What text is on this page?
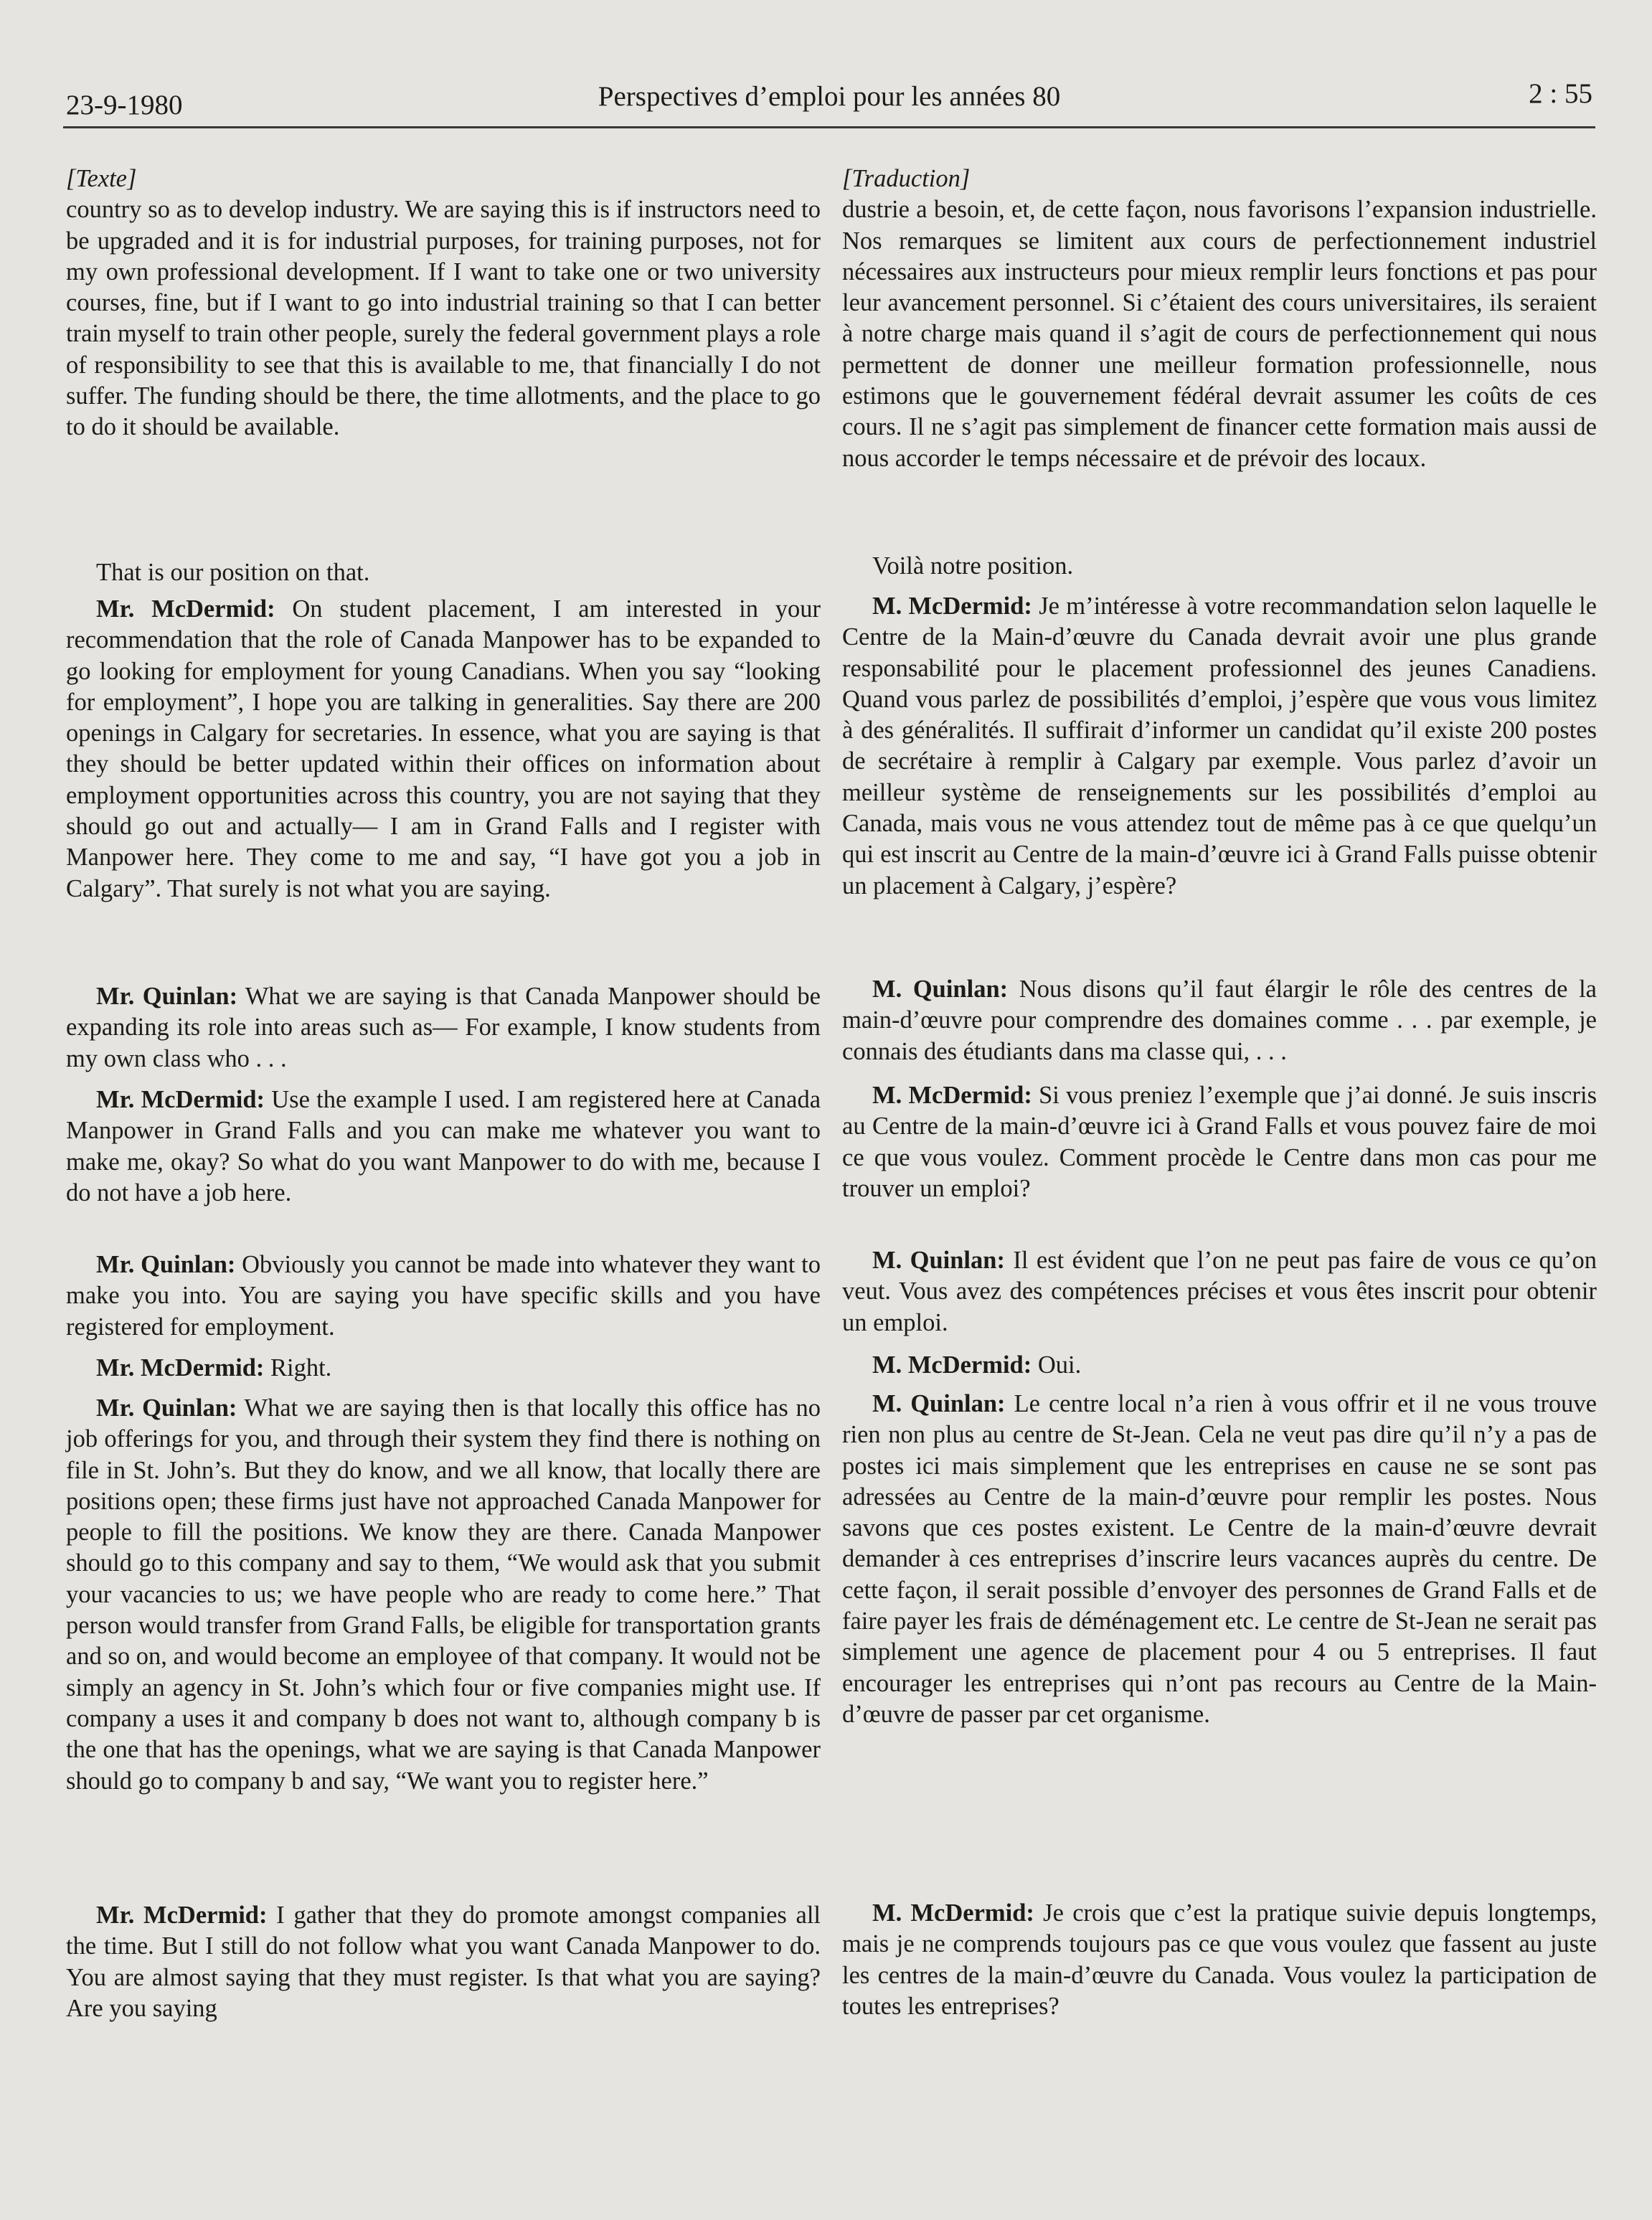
23-9-1980	Perspectives d’emploi pour les années 80	2 : 55

[Texte]

country so as to develop industry. We are saying this is if instructors need to be upgraded and it is for industrial purposes, for training purposes, not for my own professional development. If I want to take one or two university courses, fine, but if I want to go into industrial training so that I can better train myself to train other people, surely the federal government plays a role of responsibility to see that this is available to me, that financially I do not suffer. The funding should be there, the time allotments, and the place to go to do it should be available.

That is our position on that.

Mr. McDermid: On student placement, I am interested in your recommendation that the role of Canada Manpower has to be expanded to go looking for employment for young Canadians. When you say “looking for employment”, I hope you are talking in generalities. Say there are 200 openings in Calgary for secretaries. In essence, what you are saying is that they should be better updated within their offices on information about employment opportunities across this country, you are not saying that they should go out and actually— I am in Grand Falls and I register with Manpower here. They come to me and say, “I have got you a job in Calgary”. That surely is not what you are saying.

Mr. Quinlan: What we are saying is that Canada Manpower should be expanding its role into areas such as— For example, I know students from my own class who . . .

Mr. McDermid: Use the example I used. I am registered here at Canada Manpower in Grand Falls and you can make me whatever you want to make me, okay? So what do you want Manpower to do with me, because I do not have a job here.

Mr. Quinlan: Obviously you cannot be made into whatever they want to make you into. You are saying you have specific skills and you have registered for employment.

Mr. McDermid: Right.

Mr. Quinlan: What we are saying then is that locally this office has no job offerings for you, and through their system they find there is nothing on file in St. John’s. But they do know, and we all know, that locally there are positions open; these firms just have not approached Canada Manpower for people to fill the positions. We know they are there. Canada Manpower should go to this company and say to them, “We would ask that you submit your vacancies to us; we have people who are ready to come here.” That person would transfer from Grand Falls, be eligible for transportation grants and so on, and would become an employee of that company. It would not be simply an agency in St. John’s which four or five companies might use. If company a uses it and company b does not want to, although company b is the one that has the openings, what we are saying is that Canada Manpower should go to company b and say, “We want you to register here.”

Mr. McDermid: I gather that they do promote amongst companies all the time. But I still do not follow what you want Canada Manpower to do. You are almost saying that they must register. Is that what you are saying? Are you saying

[Traduction]

dustrie a besoin, et, de cette façon, nous favorisons l’expansion industrielle. Nos remarques se limitent aux cours de perfectionnement industriel nécessaires aux instructeurs pour mieux remplir leurs fonctions et pas pour leur avancement personnel. Si c’étaient des cours universitaires, ils seraient à notre charge mais quand il s’agit de cours de perfectionnement qui nous permettent de donner une meilleur formation professionnelle, nous estimons que le gouvernement fédéral devrait assumer les coûts de ces cours. Il ne s’agit pas simplement de financer cette formation mais aussi de nous accorder le temps nécessaire et de prévoir des locaux.

Voilà notre position.

M. McDermid: Je m’intéresse à votre recommandation selon laquelle le Centre de la Main-d’œuvre du Canada devrait avoir une plus grande responsabilité pour le placement professionnel des jeunes Canadiens. Quand vous parlez de possibilités d’emploi, j’espère que vous vous limitez à des généralités. Il suffirait d’informer un candidat qu’il existe 200 postes de secrétaire à remplir à Calgary par exemple. Vous parlez d’avoir un meilleur système de renseignements sur les possibilités d’emploi au Canada, mais vous ne vous attendez tout de même pas à ce que quelqu’un qui est inscrit au Centre de la main-d’œuvre ici à Grand Falls puisse obtenir un placement à Calgary, j’espère?

M. Quinlan: Nous disons qu’il faut élargir le rôle des centres de la main-d’œuvre pour comprendre des domaines comme . . . par exemple, je connais des étudiants dans ma classe qui, . . .

M. McDermid: Si vous preniez l’exemple que j’ai donné. Je suis inscris au Centre de la main-d’œuvre ici à Grand Falls et vous pouvez faire de moi ce que vous voulez. Comment procède le Centre dans mon cas pour me trouver un emploi?

M. Quinlan: Il est évident que l’on ne peut pas faire de vous ce qu’on veut. Vous avez des compétences précises et vous êtes inscrit pour obtenir un emploi.

M. McDermid: Oui.

M. Quinlan: Le centre local n’a rien à vous offrir et il ne vous trouve rien non plus au centre de St-Jean. Cela ne veut pas dire qu’il n’y a pas de postes ici mais simplement que les entreprises en cause ne se sont pas adressées au Centre de la main-d’œuvre pour remplir les postes. Nous savons que ces postes existent. Le Centre de la main-d’œuvre devrait demander à ces entreprises d’inscrire leurs vacances auprès du centre. De cette façon, il serait possible d’envoyer des personnes de Grand Falls et de faire payer les frais de déménagement etc. Le centre de St-Jean ne serait pas simplement une agence de placement pour 4 ou 5 entreprises. Il faut encourager les entreprises qui n’ont pas recours au Centre de la Main-d’œuvre de passer par cet organisme.

M. McDermid: Je crois que c’est la pratique suivie depuis longtemps, mais je ne comprends toujours pas ce que vous voulez que fassent au juste les centres de la main-d’œuvre du Canada. Vous voulez la participation de toutes les entreprises?
